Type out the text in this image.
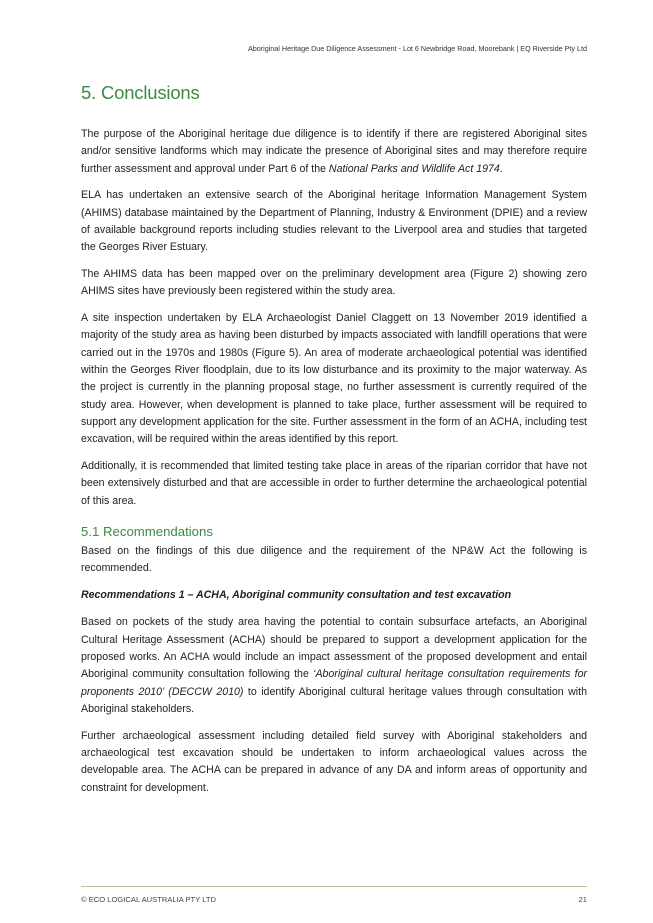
Aboriginal Heritage Due Diligence Assessment - Lot 6 Newbridge Road, Moorebank | EQ Riverside Pty Ltd
5. Conclusions

The purpose of the Aboriginal heritage due diligence is to identify if there are registered Aboriginal sites and/or sensitive landforms which may indicate the presence of Aboriginal sites and may therefore require further assessment and approval under Part 6 of the National Parks and Wildlife Act 1974.

ELA has undertaken an extensive search of the Aboriginal heritage Information Management System (AHIMS) database maintained by the Department of Planning, Industry & Environment (DPIE) and a review of available background reports including studies relevant to the Liverpool area and studies that targeted the Georges River Estuary.

The AHIMS data has been mapped over on the preliminary development area (Figure 2) showing zero AHIMS sites have previously been registered within the study area.

A site inspection undertaken by ELA Archaeologist Daniel Claggett on 13 November 2019 identified a majority of the study area as having been disturbed by impacts associated with landfill operations that were carried out in the 1970s and 1980s (Figure 5). An area of moderate archaeological potential was identified within the Georges River floodplain, due to its low disturbance and its proximity to the major waterway. As the project is currently in the planning proposal stage, no further assessment is currently required of the study area. However, when development is planned to take place, further assessment will be required to support any development application for the site. Further assessment in the form of an ACHA, including test excavation, will be required within the areas identified by this report.

Additionally, it is recommended that limited testing take place in areas of the riparian corridor that have not been extensively disturbed and that are accessible in order to further determine the archaeological potential of this area.

5.1 Recommendations

Based on the findings of this due diligence and the requirement of the NP&W Act the following is recommended.

Recommendations 1 – ACHA, Aboriginal community consultation and test excavation

Based on pockets of the study area having the potential to contain subsurface artefacts, an Aboriginal Cultural Heritage Assessment (ACHA) should be prepared to support a development application for the proposed works. An ACHA would include an impact assessment of the proposed development and entail Aboriginal community consultation following the ‘Aboriginal cultural heritage consultation requirements for proponents 2010’ (DECCW 2010) to identify Aboriginal cultural heritage values through consultation with Aboriginal stakeholders.

Further archaeological assessment including detailed field survey with Aboriginal stakeholders and archaeological test excavation should be undertaken to inform archaeological values across the developable area. The ACHA can be prepared in advance of any DA and inform areas of opportunity and constraint for development.

© ECO LOGICAL AUSTRALIA PTY LTD	21
